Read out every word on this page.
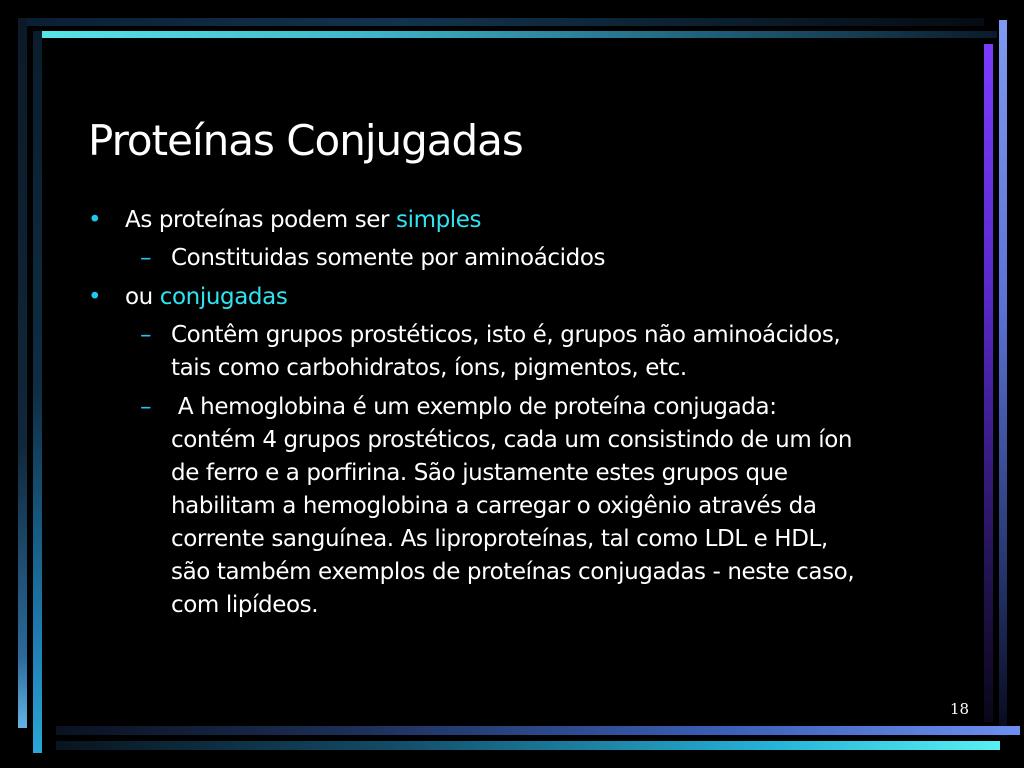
Proteínas Conjugadas
• As proteínas podem ser simples
– Constituidas somente por aminoácidos
• ou conjugadas
– Contêm grupos prostéticos, isto é, grupos não aminoácidos,
tais como carbohidratos, íons, pigmentos, etc.
– A hemoglobina é um exemplo de proteína conjugada:
contém 4 grupos prostéticos, cada um consistindo de um íon
de ferro e a porfirina. São justamente estes grupos que
habilitam a hemoglobina a carregar o oxigênio através da
corrente sanguínea. As liproproteínas, tal como LDL e HDL,
são também exemplos de proteínas conjugadas - neste caso,
com lipídeos.
18
